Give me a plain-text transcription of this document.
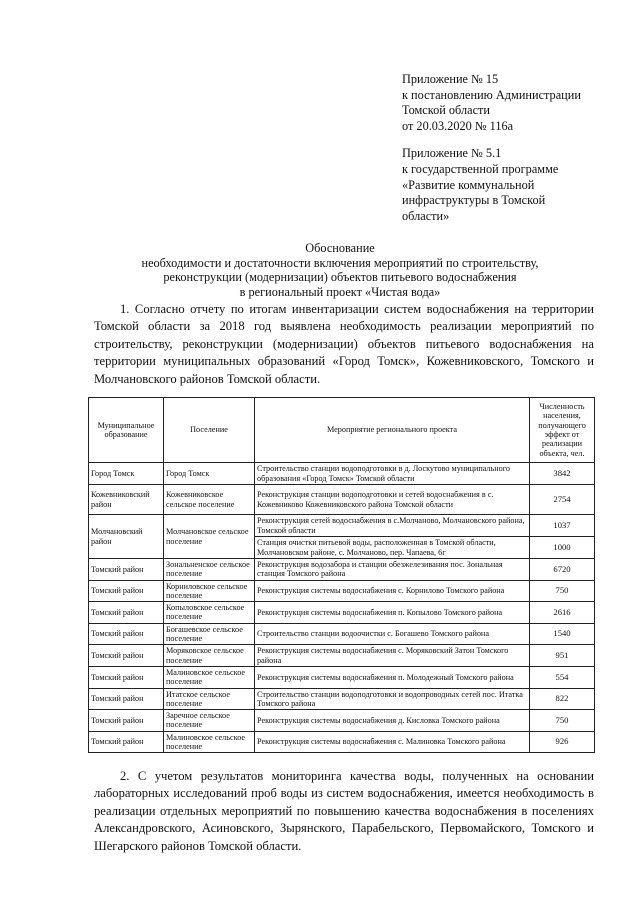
Приложение № 15
к постановлению Администрации
Томской области
от 20.03.2020 № 116а
Приложение № 5.1
к государственной программе
«Развитие коммунальной
инфраструктуры в Томской
области»
Обоснование
необходимости и достаточности включения мероприятий по строительству,
реконструкции (модернизации) объектов питьевого водоснабжения
в региональный проект «Чистая вода»
1. Согласно отчету по итогам инвентаризации систем водоснабжения на территории Томской области за 2018 год выявлена необходимость реализации мероприятий по строительству, реконструкции (модернизации) объектов питьевого водоснабжения на территории муниципальных образований «Город Томск», Кожевниковского, Томского и Молчановского районов Томской области.
Муниципальное образование	Поселение	Мероприятие регионального проекта	Численность населения, получающего эффект от реализации объекта, чел.
Город Томск	Город Томск	Строительство станции водоподготовки в д. Лоскутово муниципального образования «Город Томск» Томской области	3842
Кожевниковский район	Кожевниковское сельское поселение	Реконструкция станции водоподготовки и сетей водоснабжения в с. Кожевниково Кожевниковского района Томской области	2754
Молчановский район	Молчановское сельское поселение	Реконструкция сетей водоснабжения в с.Молчаново, Молчановского района, Томской области	1037
		Станция очистки питьевой воды, расположенная в Томской области, Молчановском районе, с. Молчаново, пер. Чапаева, 6г	1000
Томский район	Зональненское сельское поселение	Реконструкция водозабора и станции обезжелезивания пос. Зональная станция Томского района	6720
Томский район	Корниловское сельское поселение	Реконструкция системы водоснабжения с. Корнилово Томского района	750
Томский район	Копыловское сельское поселение	Реконструкция системы водоснабжения п. Копылово Томского района	2616
Томский район	Богашевское сельское поселение	Строительство станции водоочистки с. Богашево Томского района	1540
Томский район	Моряковское сельское поселение	Реконструкция системы водоснабжения с. Моряковский Затон Томского района	951
Томский район	Малиновское сельское поселение	Реконструкция системы водоснабжения п. Молодежный Томского района	554
Томский район	Итатское сельское поселение	Строительство станции водоподготовки и водопроводных сетей пос. Итатка Томского района	822
Томский район	Заречное сельское поселение	Реконструкция системы водоснабжения д. Кисловка Томского района	750
Томский район	Малиновское сельское поселение	Реконструкция системы водоснабжения с. Малиновка Томского района	926
2. С учетом результатов мониторинга качества воды, полученных на основании лабораторных исследований проб воды из систем водоснабжения, имеется необходимость в реализации отдельных мероприятий по повышению качества водоснабжения в поселениях Александровского, Асиновского, Зырянского, Парабельского, Первомайского, Томского и Шегарского районов Томской области.
